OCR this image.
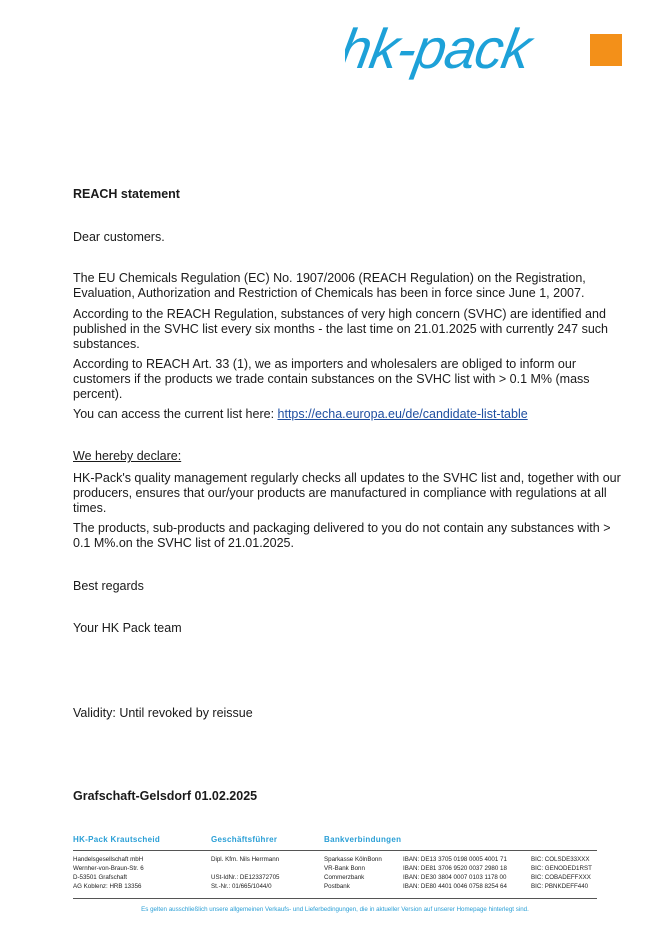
hk-pack

REACH statement

Dear customers.

The EU Chemicals Regulation (EC) No. 1907/2006 (REACH Regulation) on the Registration, Evaluation, Authorization and Restriction of Chemicals has been in force since June 1, 2007.

According to the REACH Regulation, substances of very high concern (SVHC) are identified and published in the SVHC list every six months - the last time on 21.01.2025 with currently 247 such substances.

According to REACH Art. 33 (1), we as importers and wholesalers are obliged to inform our customers if the products we trade contain substances on the SVHC list with > 0.1 M% (mass percent).

You can access the current list here: https://echa.europa.eu/de/candidate-list-table

We hereby declare:

HK-Pack's quality management regularly checks all updates to the SVHC list and, together with our producers, ensures that our/your products are manufactured in compliance with regulations at all times.

The products, sub-products and packaging delivered to you do not contain any substances with > 0.1 M%.on the SVHC list of 21.01.2025.

Best regards

Your HK Pack team

Validity: Until revoked by reissue

Grafschaft-Gelsdorf 01.02.2025
HK-Pack Krautscheid	Geschäftsführer	Bankverbindungen
Handelsgesellschaft mbH
Wernher-von-Braun-Str. 6
D-53501 Grafschaft
AG Koblenz: HRB 13356
Dipl. Kfm. Nils Herrmann
USt-IdNr.: DE123372705
St.-Nr.: 01/665/1044/0
Sparkasse KölnBonn
VR-Bank Bonn
Commerzbank
Postbank
IBAN: DE13 3705 0198 0005 4001 71
IBAN: DE81 3706 9520 0037 2980 18
IBAN: DE30 3804 0007 0103 1178 00
IBAN: DE80 4401 0046 0758 8254 64
BIC: COLSDE33XXX
BIC: GENODED1RST
BIC: COBADEFFXXX
BIC: PBNKDEFF440
Es gelten ausschließlich unsere allgemeinen Verkaufs- und Lieferbedingungen, die in aktueller Version auf unserer Homepage hinterlegt sind.
